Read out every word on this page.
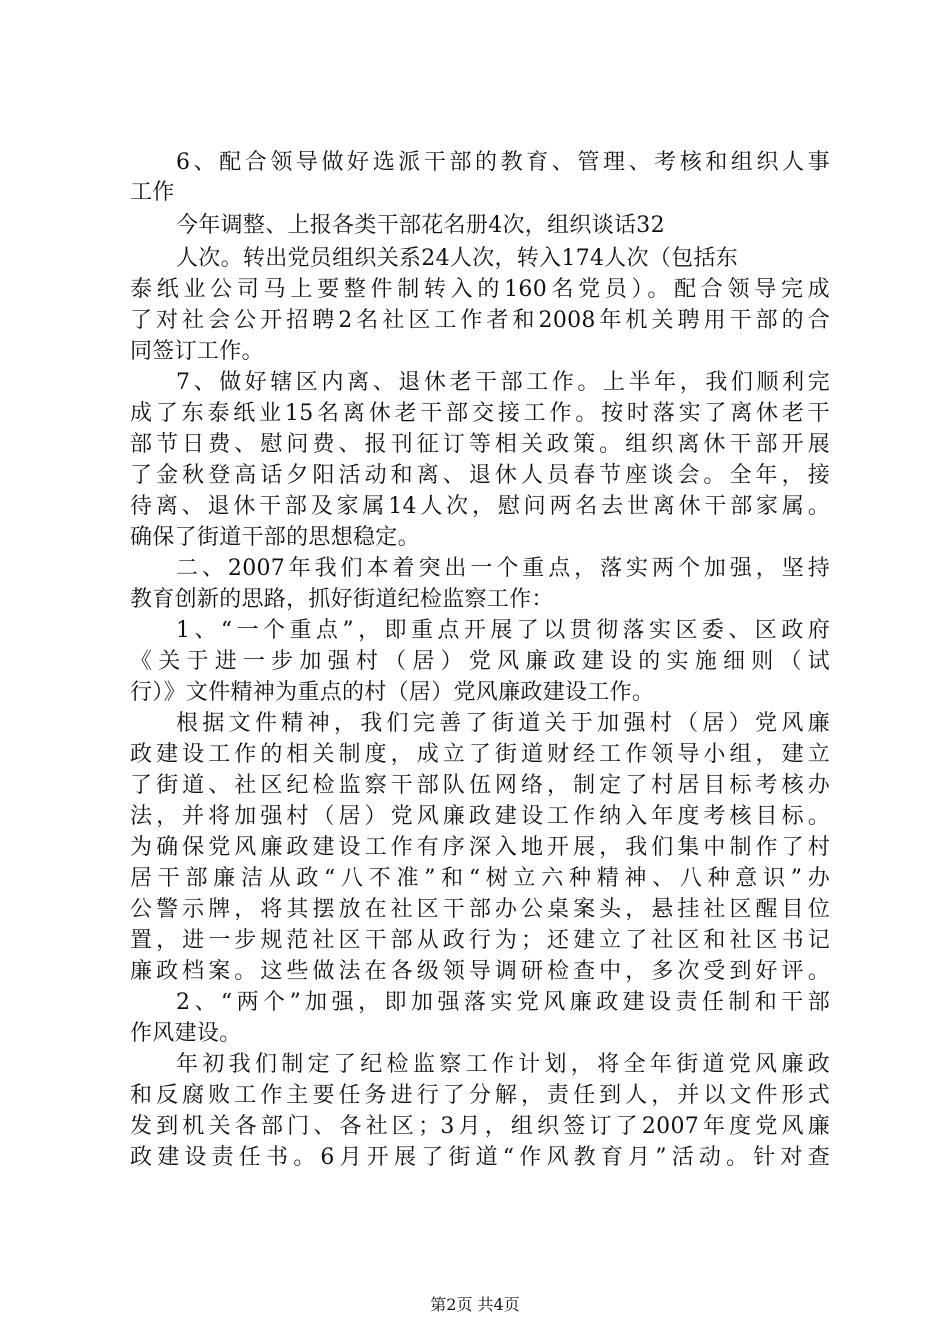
6、配合领导做好选派干部的教育、管理、考核和组织人事
工作
今年调整、上报各类干部花名册4次，组织谈话32
人次。转出党员组织关系24人次，转入174人次（包括东
泰纸业公司马上要整件制转入的160名党员）。配合领导完成
了对社会公开招聘2名社区工作者和2008年机关聘用干部的合
同签订工作。
7、做好辖区内离、退休老干部工作。上半年，我们顺利完
成了东泰纸业15名离休老干部交接工作。按时落实了离休老干
部节日费、慰问费、报刊征订等相关政策。组织离休干部开展
了金秋登高话夕阳活动和离、退休人员春节座谈会。全年，接
待离、退休干部及家属14人次，慰问两名去世离休干部家属。
确保了街道干部的思想稳定。
二、2007年我们本着突出一个重点，落实两个加强，坚持
教育创新的思路，抓好街道纪检监察工作：
1、“一个重点”，即重点开展了以贯彻落实区委、区政府
《关于进一步加强村（居）党风廉政建设的实施细则（试
行）》文件精神为重点的村（居）党风廉政建设工作。
根据文件精神，我们完善了街道关于加强村（居）党风廉
政建设工作的相关制度，成立了街道财经工作领导小组，建立
了街道、社区纪检监察干部队伍网络，制定了村居目标考核办
法，并将加强村（居）党风廉政建设工作纳入年度考核目标。
为确保党风廉政建设工作有序深入地开展，我们集中制作了村
居干部廉洁从政“八不准”和“树立六种精神、八种意识”办
公警示牌，将其摆放在社区干部办公桌案头，悬挂社区醒目位
置，进一步规范社区干部从政行为；还建立了社区和社区书记
廉政档案。这些做法在各级领导调研检查中，多次受到好评。
2、“两个”加强，即加强落实党风廉政建设责任制和干部
作风建设。
年初我们制定了纪检监察工作计划，将全年街道党风廉政
和反腐败工作主要任务进行了分解，责任到人，并以文件形式
发到机关各部门、各社区；3月，组织签订了2007年度党风廉
政建设责任书。6月开展了街道“作风教育月”活动。针对查
第2页 共4页
